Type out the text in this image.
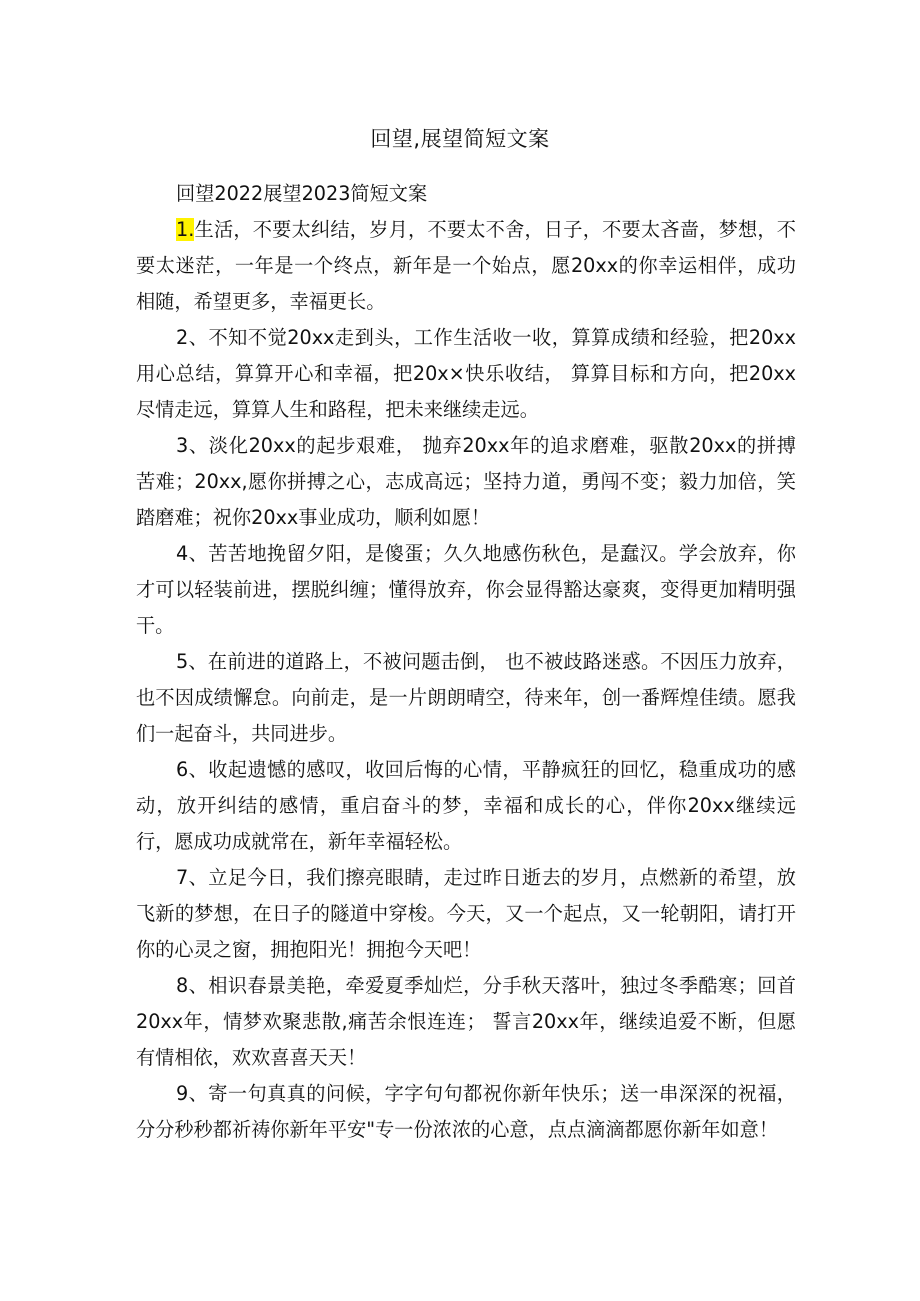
回望,展望简短文案

回望2022展望2023简短文案

1.生活，不要太纠结，岁月，不要太不舍，日子，不要太吝啬，梦想，不要太迷茫，一年是一个终点，新年是一个始点，愿20xx的你幸运相伴，成功相随，希望更多，幸福更长。

2、不知不觉20xx走到头，工作生活收一收，算算成绩和经验，把20xx用心总结，算算开心和幸福，把20x×快乐收结， 算算目标和方向，把20xx尽情走远，算算人生和路程，把未来继续走远。

3、淡化20xx的起步艰难， 抛弃20xx年的追求磨难，驱散20xx的拼搏苦难；20xx,愿你拼搏之心，志成高远；坚持力道，勇闯不变；毅力加倍，笑踏磨难；祝你20xx事业成功，顺利如愿！

4、苦苦地挽留夕阳，是傻蛋；久久地感伤秋色，是蠢汉。学会放弃，你才可以轻装前进，摆脱纠缠；懂得放弃，你会显得豁达豪爽，变得更加精明强干。

5、在前进的道路上，不被问题击倒， 也不被歧路迷惑。不因压力放弃，也不因成绩懈怠。向前走，是一片朗朗晴空，待来年，创一番辉煌佳绩。愿我们一起奋斗，共同进步。

6、收起遗憾的感叹，收回后悔的心情，平静疯狂的回忆，稳重成功的感动，放开纠结的感情，重启奋斗的梦，幸福和成长的心，伴你20xx继续远行，愿成功成就常在，新年幸福轻松。

7、立足今日，我们擦亮眼睛，走过昨日逝去的岁月，点燃新的希望，放飞新的梦想，在日子的隧道中穿梭。今天，又一个起点，又一轮朝阳，请打开你的心灵之窗，拥抱阳光！拥抱今天吧！

8、相识春景美艳，牵爱夏季灿烂，分手秋天落叶，独过冬季酷寒；回首20xx年，情梦欢聚悲散,痛苦余恨连连； 誓言20xx年，继续追爱不断，但愿有情相依，欢欢喜喜天天！

9、寄一句真真的问候，字字句句都祝你新年快乐；送一串深深的祝福，分分秒秒都祈祷你新年平安"专一份浓浓的心意，点点滴滴都愿你新年如意！
